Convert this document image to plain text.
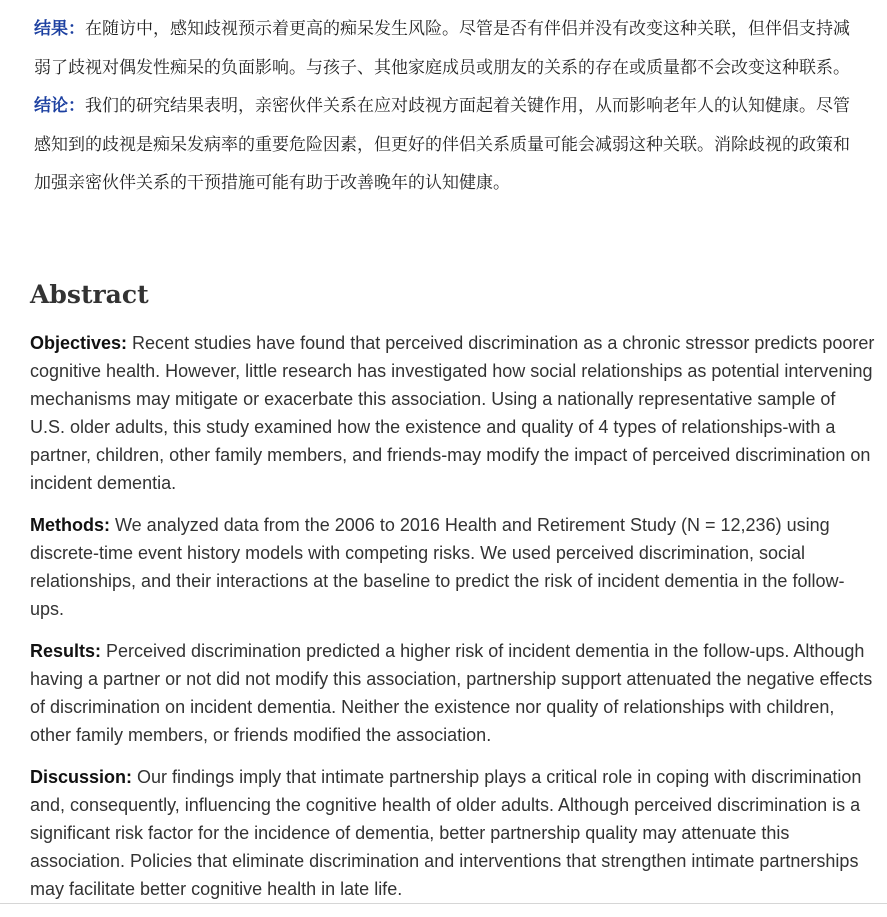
结果：在随访中，感知歧视预示着更高的痴呆发生风险。尽管是否有伴侣并没有改变这种关联，但伴侣支持减弱了歧视对偶发性痴呆的负面影响。与孩子、其他家庭成员或朋友的关系的存在或质量都不会改变这种联系。

结论：我们的研究结果表明，亲密伙伴关系在应对歧视方面起着关键作用，从而影响老年人的认知健康。尽管感知到的歧视是痴呆发病率的重要危险因素，但更好的伴侣关系质量可能会减弱这种关联。消除歧视的政策和加强亲密伙伴关系的干预措施可能有助于改善晚年的认知健康。

Abstract

Objectives: Recent studies have found that perceived discrimination as a chronic stressor predicts poorer cognitive health. However, little research has investigated how social relationships as potential intervening mechanisms may mitigate or exacerbate this association. Using a nationally representative sample of U.S. older adults, this study examined how the existence and quality of 4 types of relationships-with a partner, children, other family members, and friends-may modify the impact of perceived discrimination on incident dementia.

Methods: We analyzed data from the 2006 to 2016 Health and Retirement Study (N = 12,236) using discrete-time event history models with competing risks. We used perceived discrimination, social relationships, and their interactions at the baseline to predict the risk of incident dementia in the follow-ups.

Results: Perceived discrimination predicted a higher risk of incident dementia in the follow-ups. Although having a partner or not did not modify this association, partnership support attenuated the negative effects of discrimination on incident dementia. Neither the existence nor quality of relationships with children, other family members, or friends modified the association.

Discussion: Our findings imply that intimate partnership plays a critical role in coping with discrimination and, consequently, influencing the cognitive health of older adults. Although perceived discrimination is a significant risk factor for the incidence of dementia, better partnership quality may attenuate this association. Policies that eliminate discrimination and interventions that strengthen intimate partnerships may facilitate better cognitive health in late life.
